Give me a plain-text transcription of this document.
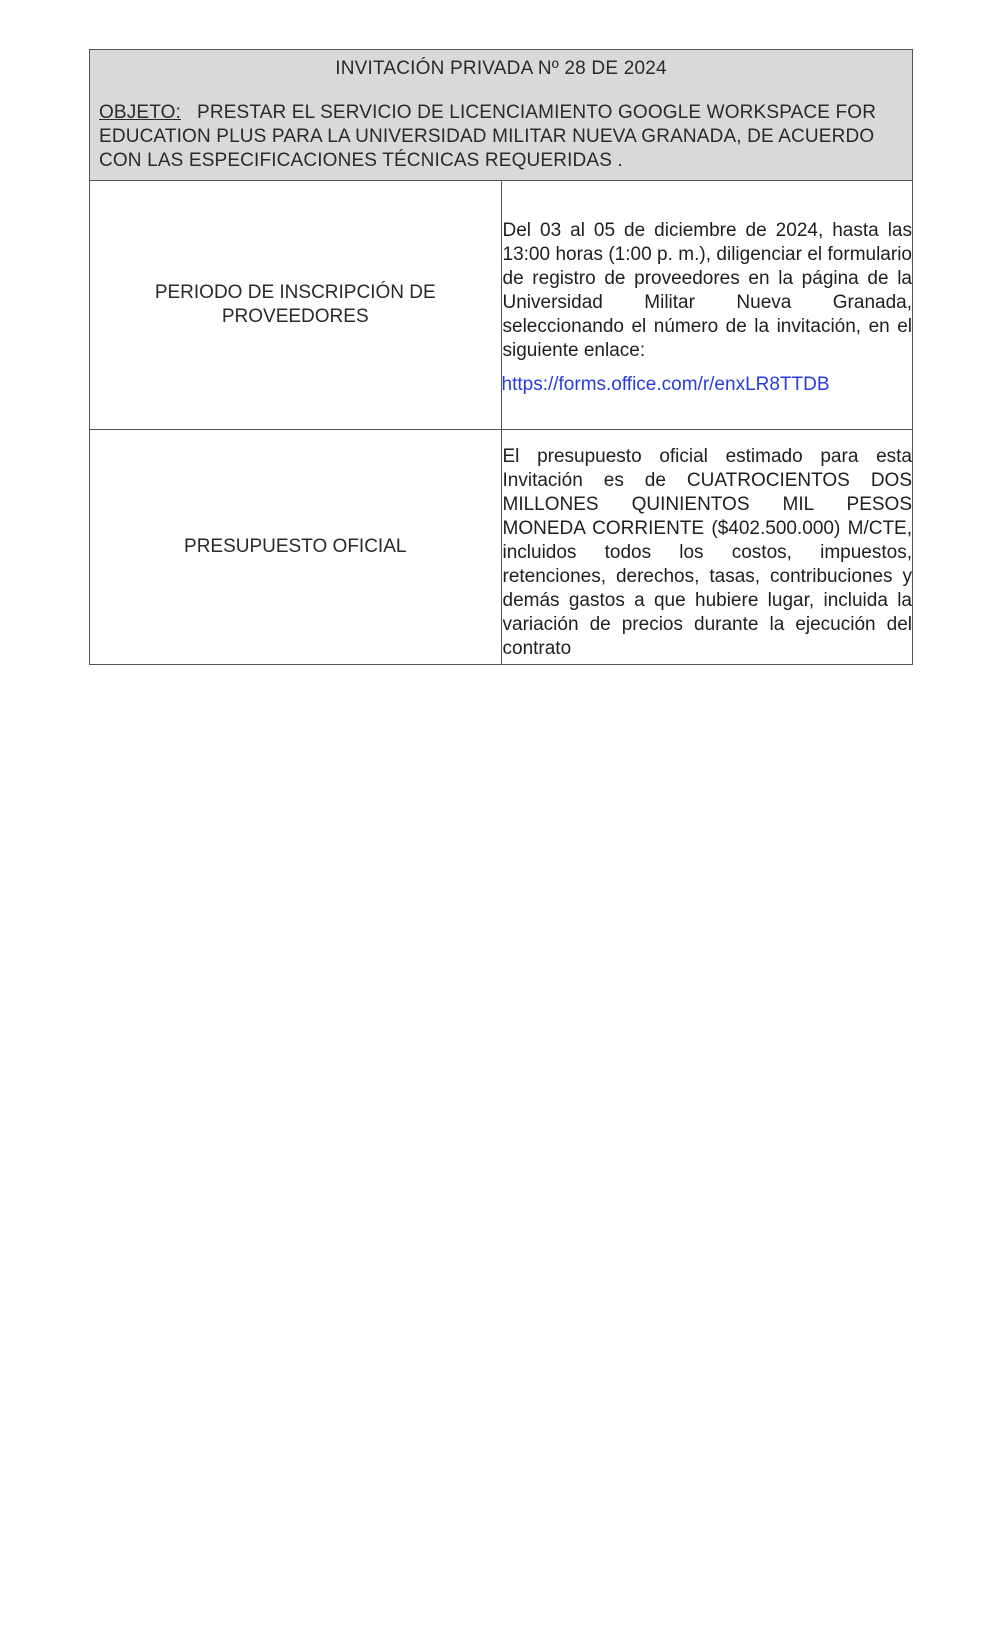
INVITACIÓN PRIVADA Nº 28 DE 2024
OBJETO: PRESTAR EL SERVICIO DE LICENCIAMIENTO GOOGLE WORKSPACE FOR EDUCATION PLUS PARA LA UNIVERSIDAD MILITAR NUEVA GRANADA, DE ACUERDO CON LAS ESPECIFICACIONES TÉCNICAS REQUERIDAS .	

PERIODO DE INSCRIPCIÓN DE PROVEEDORES	Del 03 al 05 de diciembre de 2024, hasta las 13:00 horas (1:00 p. m.), diligenciar el formulario de registro de proveedores en la página de la Universidad Militar Nueva Granada, seleccionando el número de la invitación, en el siguiente enlace:
https://forms.office.com/r/enxLR8TTDB
PRESUPUESTO OFICIAL	El presupuesto oficial estimado para esta Invitación es de CUATROCIENTOS DOS MILLONES QUINIENTOS MIL PESOS MONEDA CORRIENTE ($402.500.000) M/CTE, incluidos todos los costos, impuestos, retenciones, derechos, tasas, contribuciones y demás gastos a que hubiere lugar, incluida la variación de precios durante la ejecución del contrato
